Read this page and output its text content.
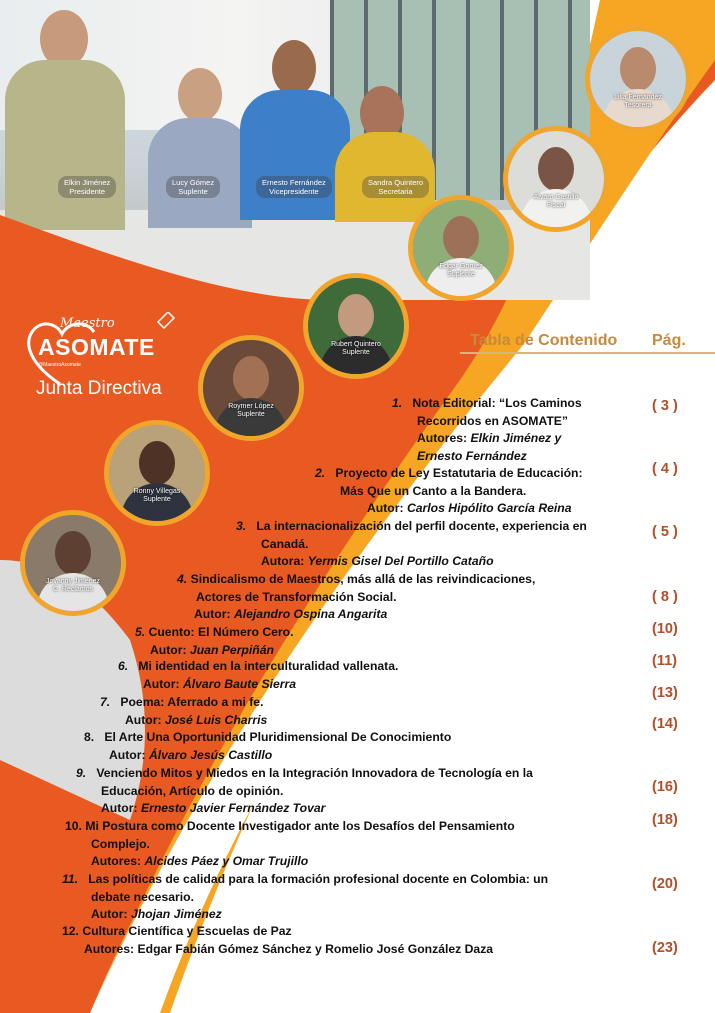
Elkin Jiménez
Presidente
Lucy Gómez
Suplente
Ernesto Fernández
Vicepresidente
Sandra Quintero
Secretaria
Lilia Fernández
Tesorera
Alvaro Castillo
Fiscal
Edgar Gomez
Suplente
Rubert Quintero
Suplente
Roymer López
Suplente
Ronny Villegas
Suplente
Jovanny Jiménez
C. Reclamos
Maestro
ASOMATE
@MaestroAsomate
Junta Directiva
Tabla de Contenido Pág.
1. Nota Editorial: “Los Caminos
Recorridos en ASOMATE”
Autores: Elkin Jiménez y
Ernesto Fernández
( 3 )
2. Proyecto de Ley Estatutaria de Educación:
Más Que un Canto a la Bandera.
Autor: Carlos Hipólito García Reina
( 4 )
3. La internacionalización del perfil docente, experiencia en
Canadá.
Autora: Yermis Gisel Del Portillo Cataño
( 5 )
4. Sindicalismo de Maestros, más allá de las reivindicaciones,
Actores de Transformación Social.
Autor: Alejandro Ospina Angarita
( 8 )
5. Cuento: El Número Cero.
Autor: Juan Perpiñán
(10)
6. Mi identidad en la interculturalidad vallenata.
Autor: Álvaro Baute Sierra
(11)
7. Poema: Aferrado a mi fe.
Autor: José Luis Charris
(13)
8. El Arte Una Oportunidad Pluridimensional De Conocimiento
Autor: Álvaro Jesús Castillo
(14)
9. Venciendo Mitos y Miedos en la Integración Innovadora de Tecnología en la
Educación, Artículo de opinión.
Autor: Ernesto Javier Fernández Tovar
(16)
10. Mi Postura como Docente Investigador ante los Desafíos del Pensamiento
Complejo.
Autores: Alcides Páez y Omar Trujillo
(18)
11. Las políticas de calidad para la formación profesional docente en Colombia: un
debate necesario.
Autor: Jhojan Jiménez
(20)
12. Cultura Científica y Escuelas de Paz
Autores: Edgar Fabián Gómez Sánchez y Romelio José González Daza	(23)
